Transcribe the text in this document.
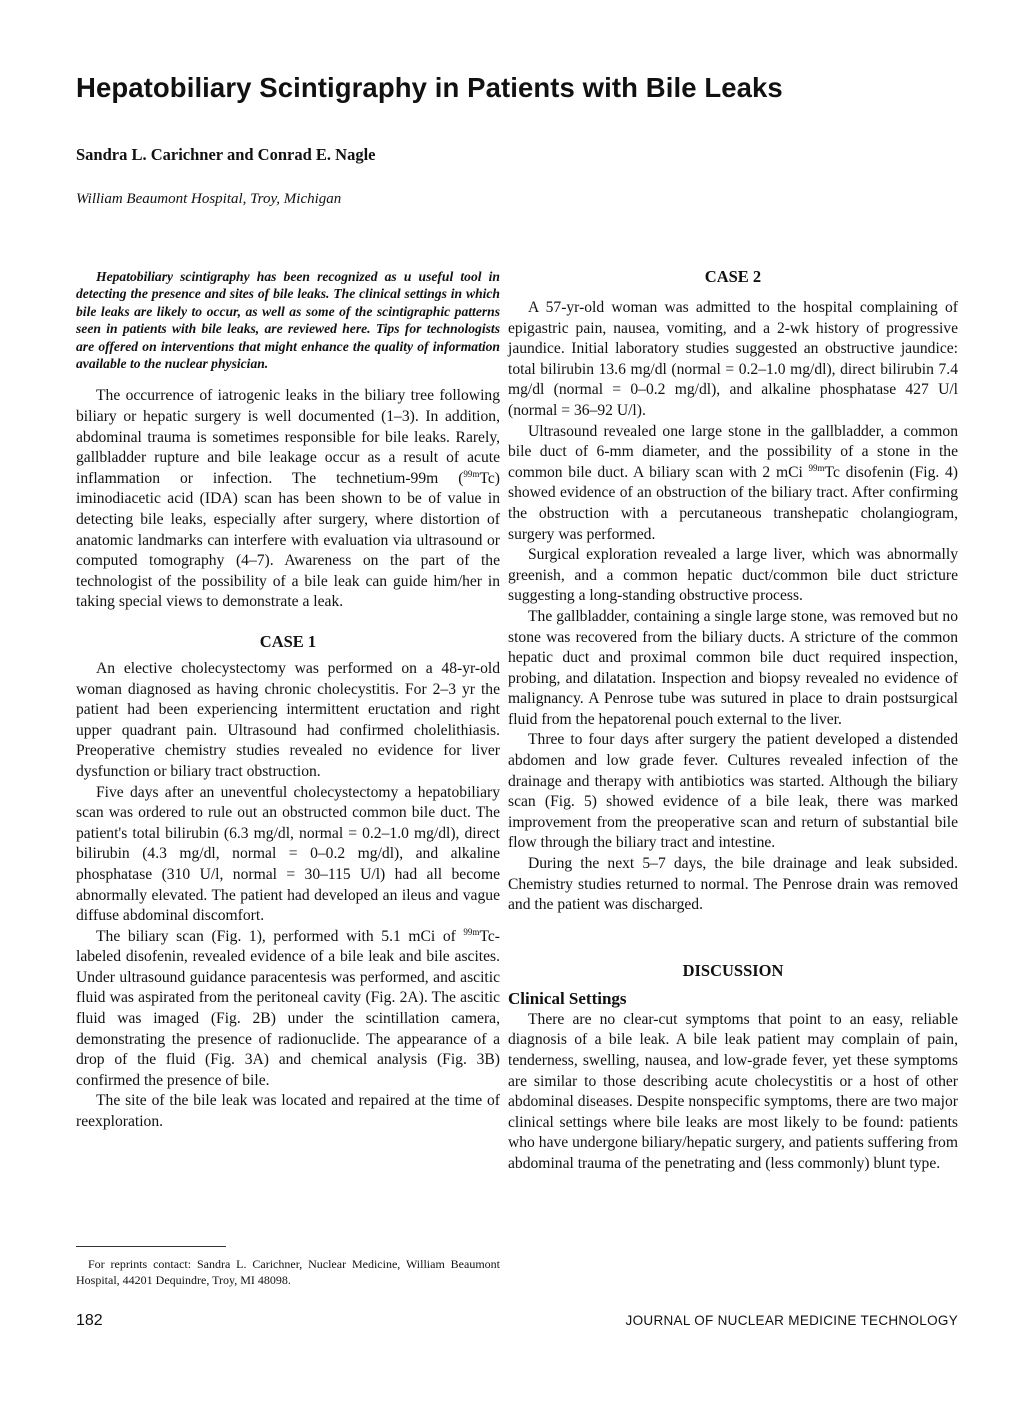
Hepatobiliary Scintigraphy in Patients with Bile Leaks
Sandra L. Carichner and Conrad E. Nagle
William Beaumont Hospital, Troy, Michigan

Hepatobiliary scintigraphy has been recognized as u useful tool in detecting the presence and sites of bile leaks. The clinical settings in which bile leaks are likely to occur, as well as some of the scintigraphic patterns seen in patients with bile leaks, are reviewed here. Tips for technologists are offered on interventions that might enhance the quality of information available to the nuclear physician.

The occurrence of iatrogenic leaks in the biliary tree following biliary or hepatic surgery is well documented (1–3). In addition, abdominal trauma is sometimes responsible for bile leaks. Rarely, gallbladder rupture and bile leakage occur as a result of acute inflammation or infection. The technetium-99m ($^{99m}$Tc) iminodiacetic acid (IDA) scan has been shown to be of value in detecting bile leaks, especially after surgery, where distortion of anatomic landmarks can interfere with evaluation via ultrasound or computed tomography (4–7). Awareness on the part of the technologist of the possibility of a bile leak can guide him/her in taking special views to demonstrate a leak.

CASE 1

An elective cholecystectomy was performed on a 48-yr-old woman diagnosed as having chronic cholecystitis. For 2–3 yr the patient had been experiencing intermittent eructation and right upper quadrant pain. Ultrasound had confirmed cholelithiasis. Preoperative chemistry studies revealed no evidence for liver dysfunction or biliary tract obstruction.

Five days after an uneventful cholecystectomy a hepatobiliary scan was ordered to rule out an obstructed common bile duct. The patient's total bilirubin (6.3 mg/dl, normal = 0.2–1.0 mg/dl), direct bilirubin (4.3 mg/dl, normal = 0–0.2 mg/dl), and alkaline phosphatase (310 U/l, normal = 30–115 U/l) had all become abnormally elevated. The patient had developed an ileus and vague diffuse abdominal discomfort.

The biliary scan (Fig. 1), performed with 5.1 mCi of $^{99m}$Tc-labeled disofenin, revealed evidence of a bile leak and bile ascites. Under ultrasound guidance paracentesis was performed, and ascitic fluid was aspirated from the peritoneal cavity (Fig. 2A). The ascitic fluid was imaged (Fig. 2B) under the scintillation camera, demonstrating the presence of radionuclide. The appearance of a drop of the fluid (Fig. 3A) and chemical analysis (Fig. 3B) confirmed the presence of bile.

The site of the bile leak was located and repaired at the time of reexploration.

CASE 2

A 57-yr-old woman was admitted to the hospital complaining of epigastric pain, nausea, vomiting, and a 2-wk history of progressive jaundice. Initial laboratory studies suggested an obstructive jaundice: total bilirubin 13.6 mg/dl (normal = 0.2–1.0 mg/dl), direct bilirubin 7.4 mg/dl (normal = 0–0.2 mg/dl), and alkaline phosphatase 427 U/l (normal = 36–92 U/l).

Ultrasound revealed one large stone in the gallbladder, a common bile duct of 6-mm diameter, and the possibility of a stone in the common bile duct. A biliary scan with 2 mCi $^{99m}$Tc disofenin (Fig. 4) showed evidence of an obstruction of the biliary tract. After confirming the obstruction with a percutaneous transhepatic cholangiogram, surgery was performed.

Surgical exploration revealed a large liver, which was abnormally greenish, and a common hepatic duct/common bile duct stricture suggesting a long-standing obstructive process.

The gallbladder, containing a single large stone, was removed but no stone was recovered from the biliary ducts. A stricture of the common hepatic duct and proximal common bile duct required inspection, probing, and dilatation. Inspection and biopsy revealed no evidence of malignancy. A Penrose tube was sutured in place to drain postsurgical fluid from the hepatorenal pouch external to the liver.

Three to four days after surgery the patient developed a distended abdomen and low grade fever. Cultures revealed infection of the drainage and therapy with antibiotics was started. Although the biliary scan (Fig. 5) showed evidence of a bile leak, there was marked improvement from the preoperative scan and return of substantial bile flow through the biliary tract and intestine.

During the next 5–7 days, the bile drainage and leak subsided. Chemistry studies returned to normal. The Penrose drain was removed and the patient was discharged.

DISCUSSION
Clinical Settings

There are no clear-cut symptoms that point to an easy, reliable diagnosis of a bile leak. A bile leak patient may complain of pain, tenderness, swelling, nausea, and low-grade fever, yet these symptoms are similar to those describing acute cholecystitis or a host of other abdominal diseases. Despite nonspecific symptoms, there are two major clinical settings where bile leaks are most likely to be found: patients who have undergone biliary/hepatic surgery, and patients suffering from abdominal trauma of the penetrating and (less commonly) blunt type.

For reprints contact: Sandra L. Carichner, Nuclear Medicine, William Beaumont Hospital, 44201 Dequindre, Troy, MI 48098.
182	JOURNAL OF NUCLEAR MEDICINE TECHNOLOGY
